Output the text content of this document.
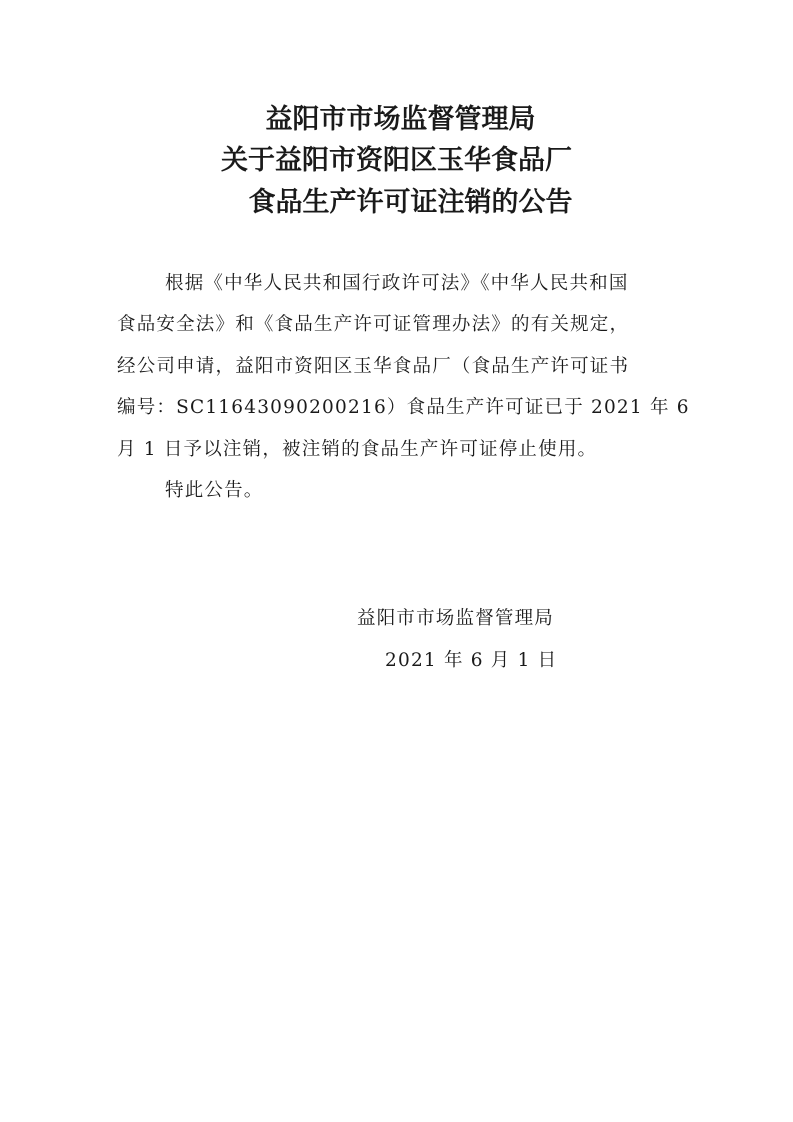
益阳市市场监督管理局
关于益阳市资阳区玉华食品厂
食品生产许可证注销的公告
根据《中华人民共和国行政许可法》《中华人民共和国
食品安全法》和《食品生产许可证管理办法》的有关规定，
经公司申请，益阳市资阳区玉华食品厂（食品生产许可证书
编号：SC11643090200216）食品生产许可证已于 2021 年 6
月 1 日予以注销，被注销的食品生产许可证停止使用。
特此公告。
益阳市市场监督管理局
2021 年 6 月 1 日
